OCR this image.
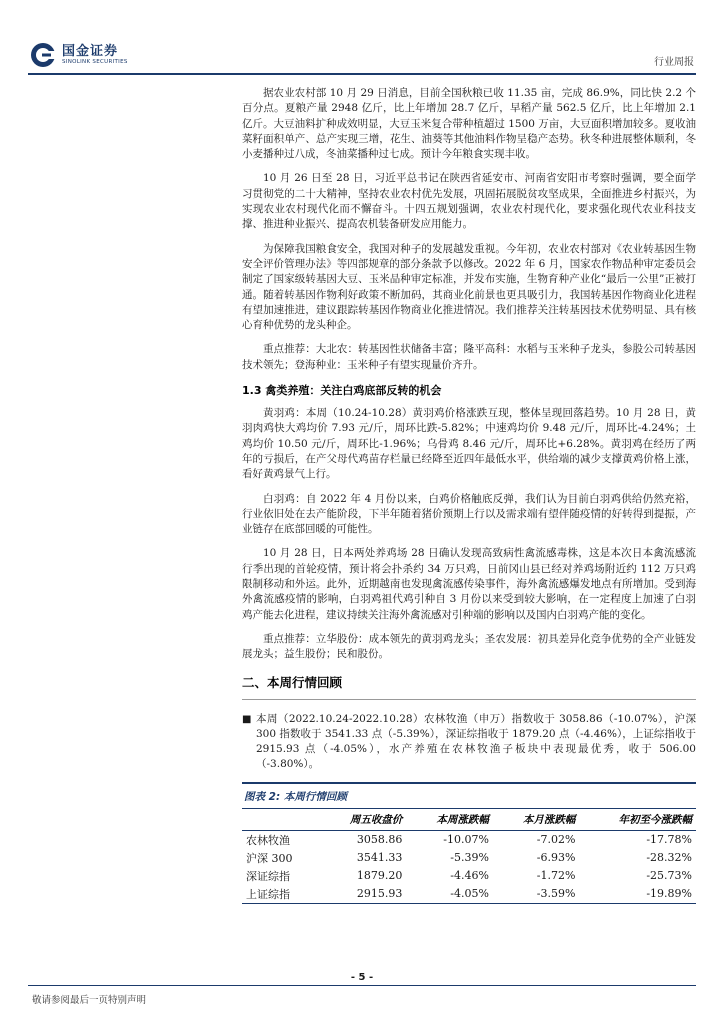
国金证券
SINOLINK SECURITIES	行业周报

据农业农村部 10 月 29 日消息，目前全国秋粮已收 11.35 亩，完成 86.9%，同比快 2.2 个百分点。夏粮产量 2948 亿斤，比上年增加 28.7 亿斤，早稻产量 562.5 亿斤，比上年增加 2.1 亿斤。大豆油料扩种成效明显，大豆玉米复合带种植超过 1500 万亩，大豆面积增加较多。夏收油菜籽面积单产、总产实现三增，花生、油葵等其他油料作物呈稳产态势。秋冬种进展整体顺利，冬小麦播种过八成，冬油菜播种过七成。预计今年粮食实现丰收。

10 月 26 日至 28 日，习近平总书记在陕西省延安市、河南省安阳市考察时强调，要全面学习贯彻党的二十大精神，坚持农业农村优先发展，巩固拓展脱贫攻坚成果，全面推进乡村振兴，为实现农业农村现代化而不懈奋斗。十四五规划强调，农业农村现代化，要求强化现代农业科技支撑、推进种业振兴、提高农机装备研发应用能力。

为保障我国粮食安全，我国对种子的发展越发重视。今年初，农业农村部对《农业转基因生物安全评价管理办法》等四部规章的部分条款予以修改。2022 年 6 月，国家农作物品种审定委员会制定了国家级转基因大豆、玉米品种审定标准，并发布实施，生物育种产业化“最后一公里”正被打通。随着转基因作物利好政策不断加码，其商业化前景也更具吸引力，我国转基因作物商业化进程有望加速推进，建议跟踪转基因作物商业化推进情况。我们推荐关注转基因技术优势明显、具有核心育种优势的龙头种企。

重点推荐：大北农：转基因性状储备丰富；隆平高科：水稻与玉米种子龙头，参股公司转基因技术领先；登海种业：玉米种子有望实现量价齐升。

1.3 禽类养殖：关注白鸡底部反转的机会

黄羽鸡：本周（10.24-10.28）黄羽鸡价格涨跌互现，整体呈现回落趋势。10 月 28 日，黄羽肉鸡快大鸡均价 7.93 元/斤，周环比跌-5.82%；中速鸡均价 9.48 元/斤，周环比-4.24%；土鸡均价 10.50 元/斤，周环比-1.96%；乌骨鸡 8.46 元/斤，周环比+6.28%。黄羽鸡在经历了两年的亏损后，在产父母代鸡苗存栏量已经降至近四年最低水平，供给端的减少支撑黄鸡价格上涨，看好黄鸡景气上行。

白羽鸡：自 2022 年 4 月份以来，白鸡价格触底反弹，我们认为目前白羽鸡供给仍然充裕，行业依旧处在去产能阶段，下半年随着猪价预期上行以及需求端有望伴随疫情的好转得到提振，产业链存在底部回暖的可能性。

10 月 28 日，日本两处养鸡场 28 日确认发现高致病性禽流感毒株，这是本次日本禽流感流行季出现的首轮疫情，预计将会扑杀约 34 万只鸡，日前冈山县已经对养鸡场附近约 112 万只鸡限制移动和外运。此外，近期越南也发现禽流感传染事件，海外禽流感爆发地点有所增加。受到海外禽流感疫情的影响，白羽鸡祖代鸡引种自 3 月份以来受到较大影响，在一定程度上加速了白羽鸡产能去化进程，建议持续关注海外禽流感对引种端的影响以及国内白羽鸡产能的变化。

重点推荐：立华股份：成本领先的黄羽鸡龙头；圣农发展：初具差异化竞争优势的全产业链发展龙头；益生股份；民和股份。

二、本周行情回顾
■ 本周（2022.10.24-2022.10.28）农林牧渔（申万）指数收于 3058.86（-10.07%），沪深 300 指数收于 3541.33 点（-5.39%），深证综指收于 1879.20 点（-4.46%），上证综指收于 2915.93 点（-4.05%），水产养殖在农林牧渔子板块中表现最优秀，收于 506.00（-3.80%）。

图表 2: 本周行情回顾
	周五收盘价	本周涨跌幅	本月涨跌幅	年初至今涨跌幅
农林牧渔	3058.86	-10.07%	-7.02%	-17.78%
沪深 300	3541.33	-5.39%	-6.93%	-28.32%
深证综指	1879.20	-4.46%	-1.72%	-25.73%
上证综指	2915.93	-4.05%	-3.59%	-19.89%
- 5 -
敬请参阅最后一页特别声明
